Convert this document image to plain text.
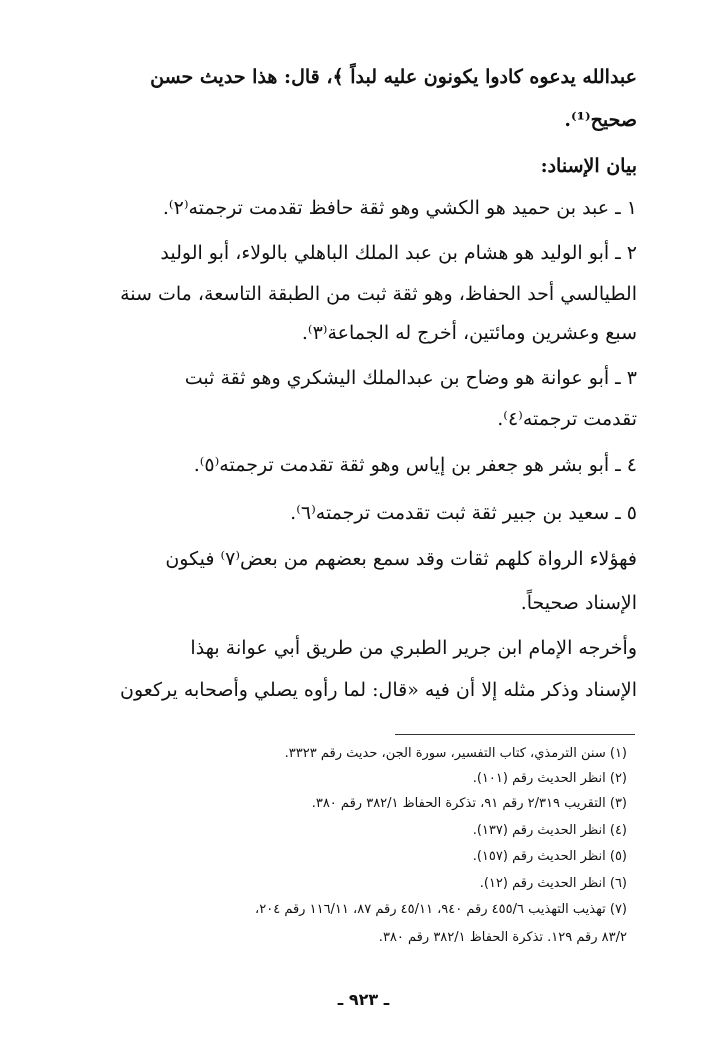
عبدالله يدعوه كادوا يكونون عليه لبداً ﴾، قال: هذا حديث حسن
صحيح⁽¹⁾.
بيان الإسناد:
١ ـ عبد بن حميد هو الكشي وهو ثقة حافظ تقدمت ترجمته⁽٢⁾.
٢ ـ أبو الوليد هو هشام بن عبد الملك الباهلي بالولاء، أبو الوليد
الطيالسي أحد الحفاظ، وهو ثقة ثبت من الطبقة التاسعة، مات سنة
سبع وعشرين ومائتين، أخرج له الجماعة⁽٣⁾.
٣ ـ أبو عوانة هو وضاح بن عبدالملك اليشكري وهو ثقة ثبت
تقدمت ترجمته⁽٤⁾.
٤ ـ أبو بشر هو جعفر بن إياس وهو ثقة تقدمت ترجمته⁽٥⁾.
٥ ـ سعيد بن جبير ثقة ثبت تقدمت ترجمته⁽٦⁾.
فهؤلاء الرواة كلهم ثقات وقد سمع بعضهم من بعض⁽٧⁾ فيكون
الإسناد صحيحاً.
وأخرجه الإمام ابن جرير الطبري من طريق أبي عوانة بهذا
الإسناد وذكر مثله إلا أن فيه «قال: لما رأوه يصلي وأصحابه يركعون
(١) سنن الترمذي، كتاب التفسير، سورة الجن، حديث رقم ٣٣٢٣.
(٢) انظر الحديث رقم (١٠١).
(٣) التقريب ٢/٣١٩ رقم ٩١، تذكرة الحفاظ ٣٨٢/١ رقم ٣٨٠.
(٤) انظر الحديث رقم (١٣٧).
(٥) انظر الحديث رقم (١٥٧).
(٦) انظر الحديث رقم (١٢).
(٧) تهذيب التهذيب ٤٥٥/٦ رقم ٩٤٠، ٤٥/١١ رقم ٨٧، ١١٦/١١ رقم ٢٠٤،
٨٣/٢ رقم ١٢٩. تذكرة الحفاظ ٣٨٢/١ رقم ٣٨٠.
ـ ٩٢٣ ـ
